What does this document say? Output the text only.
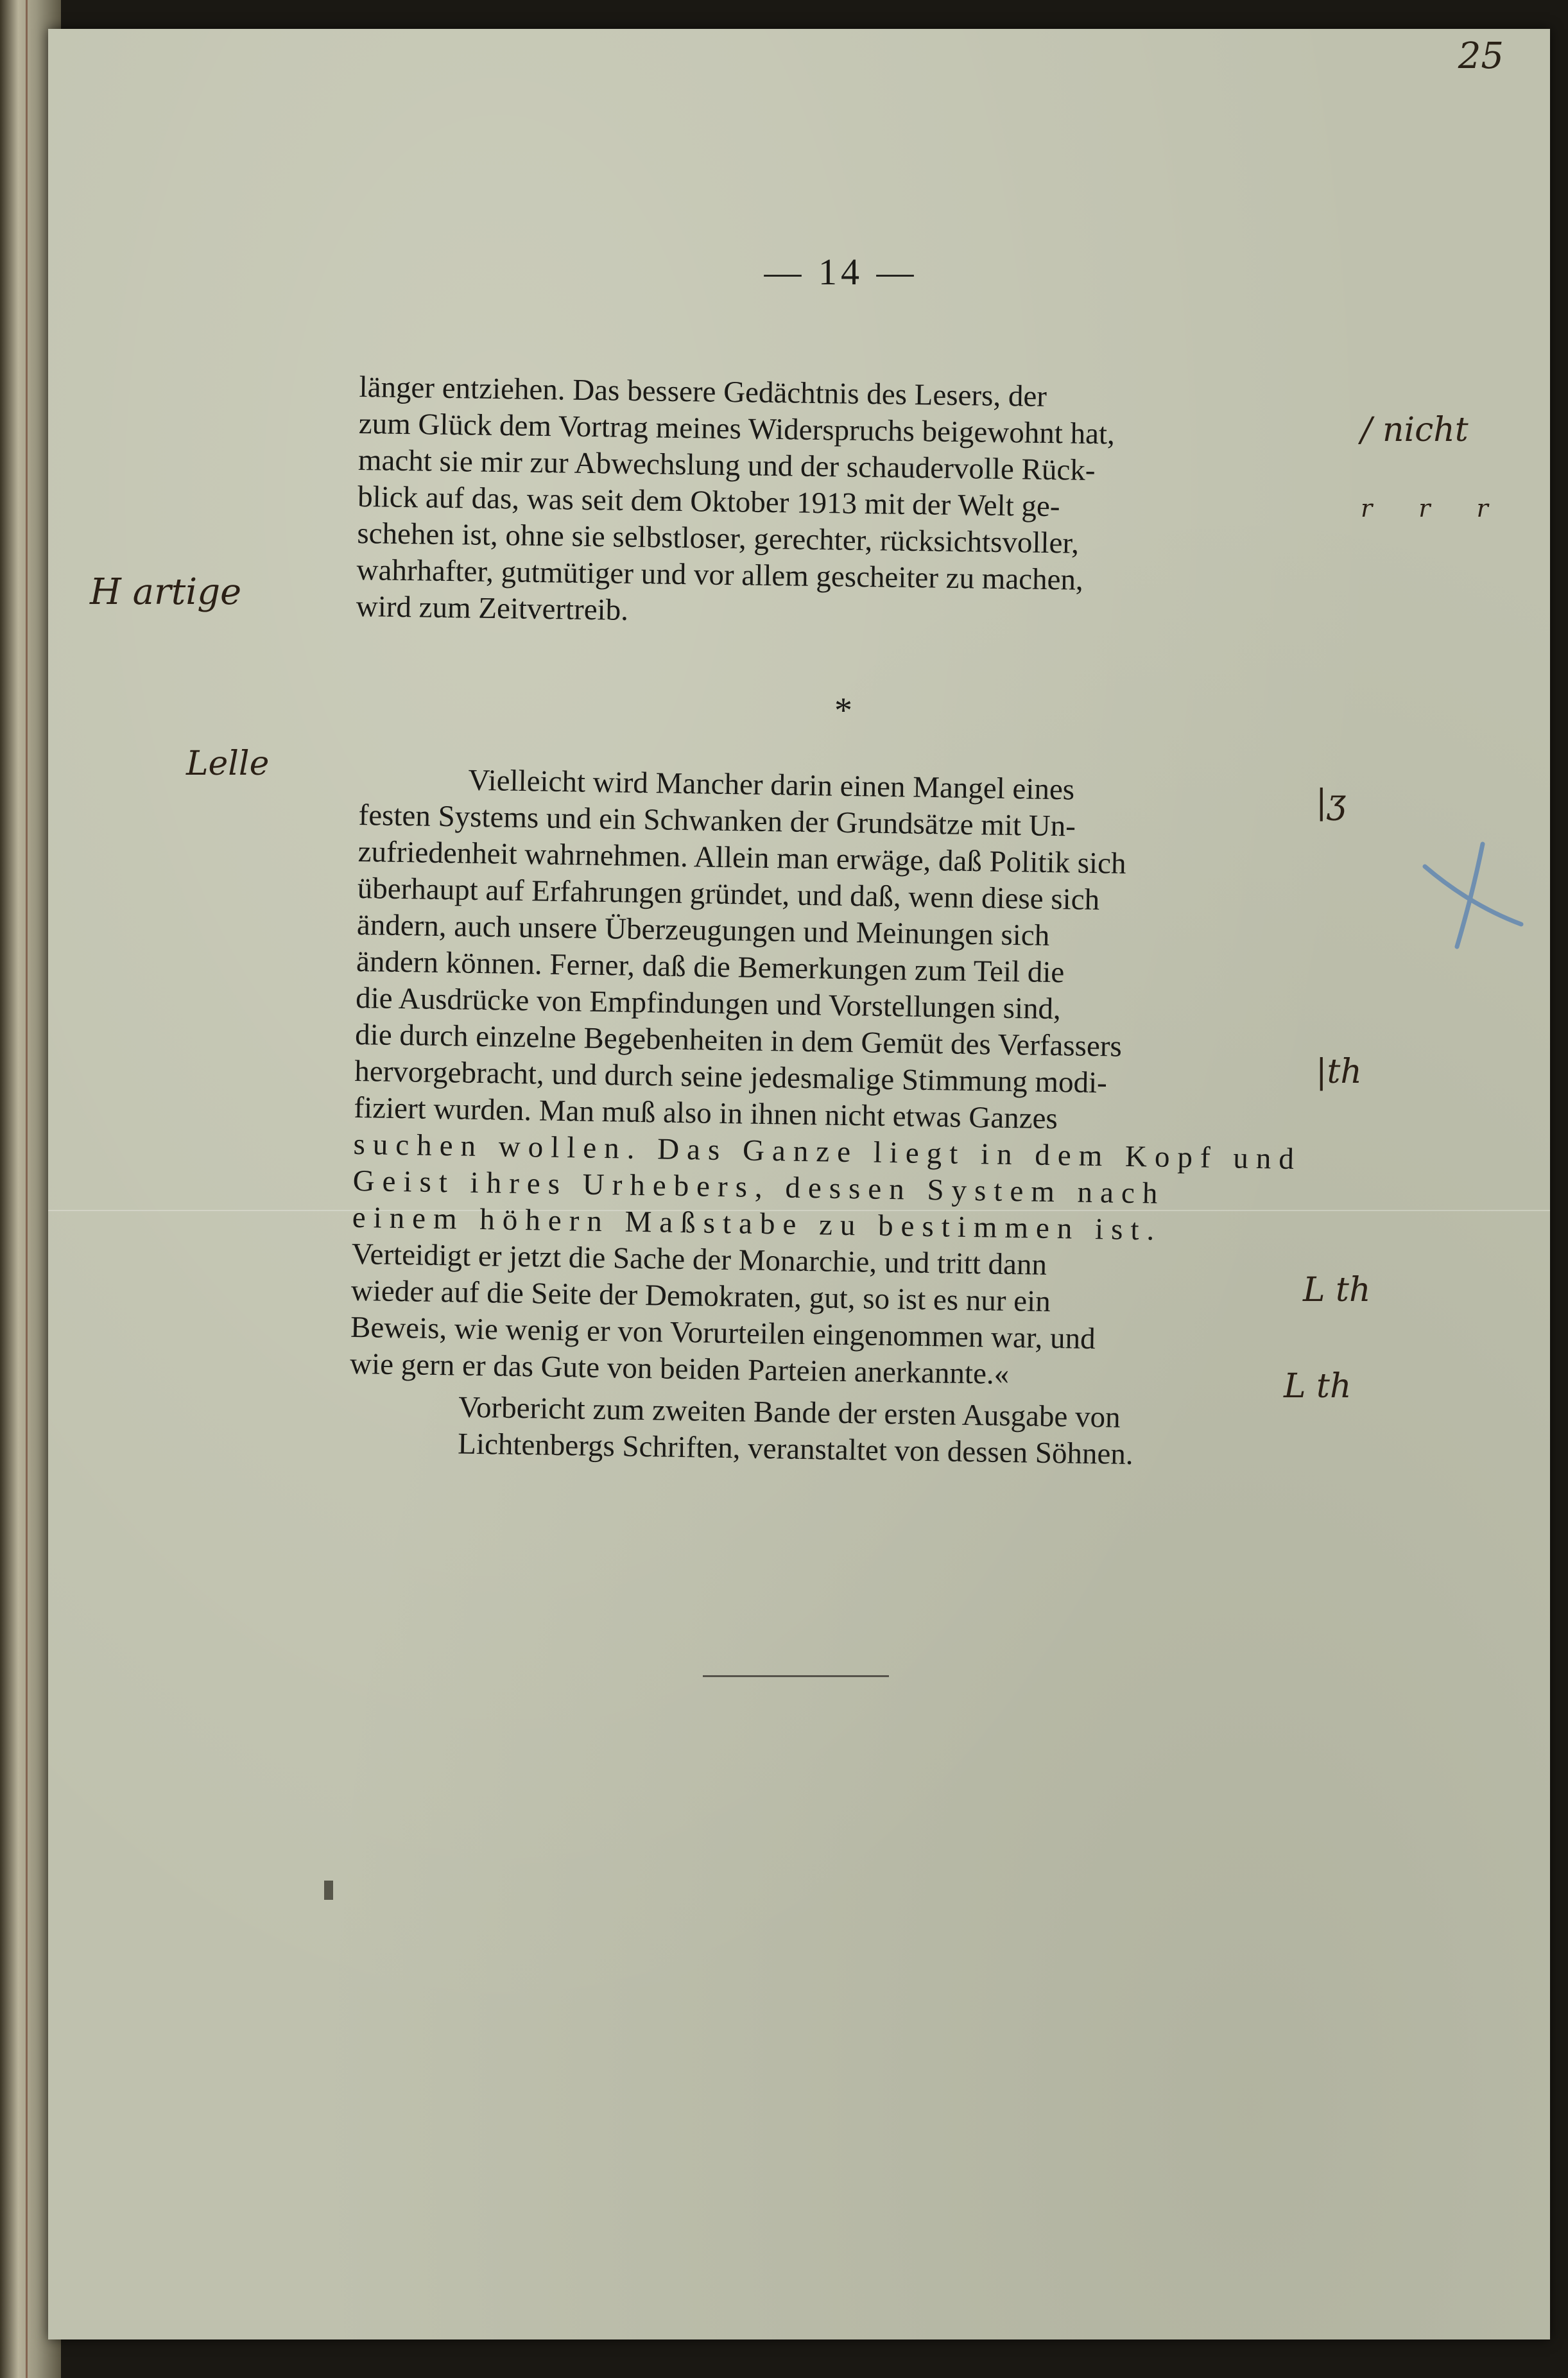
25
— 14 —
länger entziehen. Das bessere Gedächtnis des Lesers, der
zum Glück dem Vortrag meines Widerspruchs beigewohnt hat,
macht sie mir zur Abwechslung und der schaudervolle Rück-
blick auf das, was seit dem Oktober 1913 mit der Welt ge-
schehen ist, ohne sie selbstloser, gerechter, rücksichtsvoller,
wahrhafter, gutmütiger und vor allem gescheiter zu machen,
wird zum Zeitvertreib.
*
Vielleicht wird Mancher darin einen Mangel eines
festen Systems und ein Schwanken der Grundsätze mit Un-
zufriedenheit wahrnehmen. Allein man erwäge, daß Politik sich
überhaupt auf Erfahrungen gründet, und daß, wenn diese sich
ändern, auch unsere Überzeugungen und Meinungen sich
ändern können. Ferner, daß die Bemerkungen zum Teil die
die Ausdrücke von Empfindungen und Vorstellungen sind,
die durch einzelne Begebenheiten in dem Gemüt des Verfassers
hervorgebracht, und durch seine jedesmalige Stimmung modi-
fiziert wurden. Man muß also in ihnen nicht etwas Ganzes
suchen wollen. Das Ganze liegt in dem Kopf und
Geist ihres Urhebers, dessen System nach
einem höhern Maßstabe zu bestimmen ist.
Verteidigt er jetzt die Sache der Monarchie, und tritt dann
wieder auf die Seite der Demokraten, gut, so ist es nur ein
Beweis, wie wenig er von Vorurteilen eingenommen war, und
wie gern er das Gute von beiden Parteien anerkannte.«
Vorbericht zum zweiten Bande der ersten Ausgabe von
Lichtenbergs Schriften, veranstaltet von dessen Söhnen.
H artige
Lelle
/ nicht
r r r
|ʒ
|th
L th
L th
